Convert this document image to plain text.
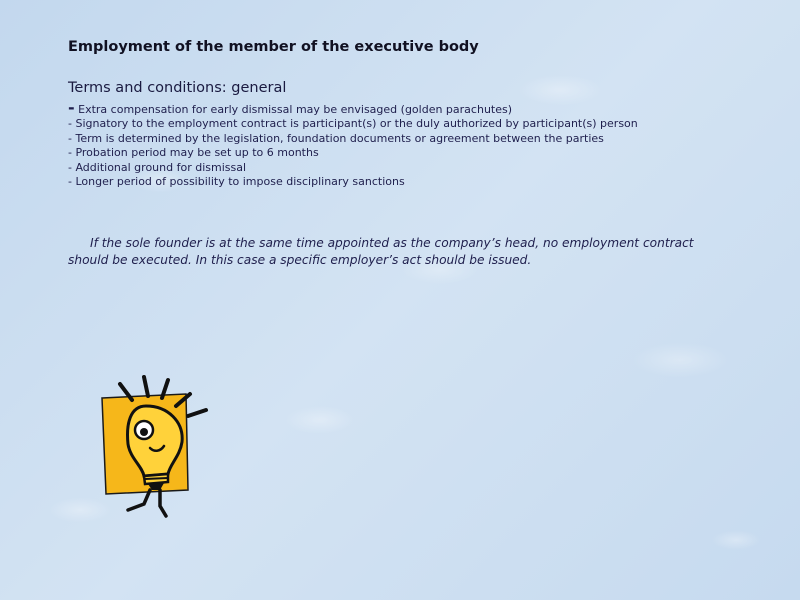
Employment of the member of the executive body
Terms and conditions: general
- Extra compensation for early dismissal may be envisaged (golden parachutes)
- Signatory to the employment contract is participant(s) or the duly authorized by participant(s) person
- Term is determined by the legislation, foundation documents or agreement between the parties
- Probation period may be set up to 6 months
- Additional ground for dismissal
- Longer period of possibility to impose disciplinary sanctions
If the sole founder is at the same time appointed as the company’s head, no employment contract should be executed. In this case a specific employer’s act should be issued.
